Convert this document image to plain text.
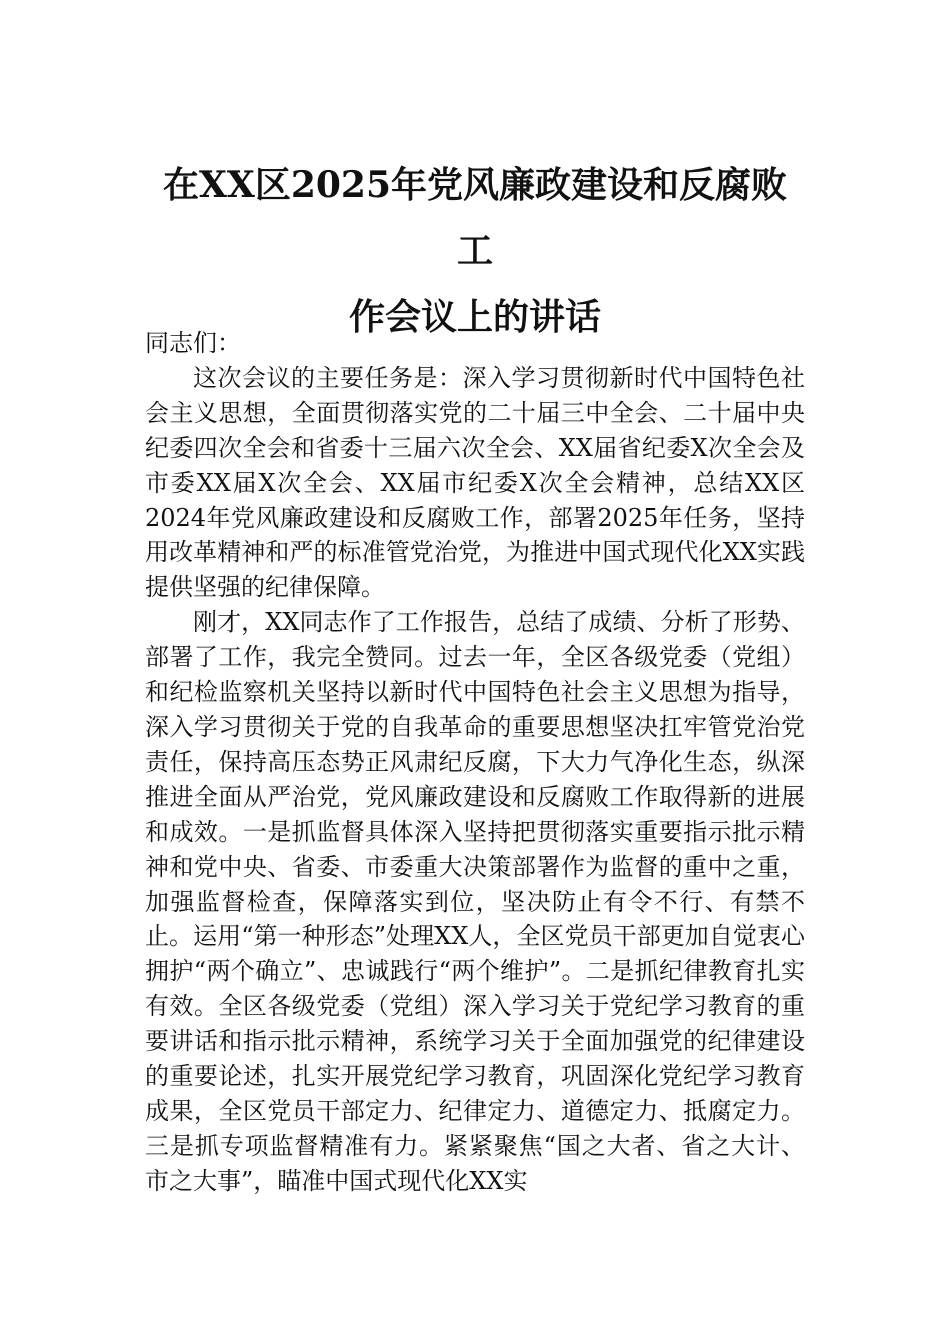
在XX区2025年党风廉政建设和反腐败工
作会议上的讲话

同志们：

这次会议的主要任务是：深入学习贯彻新时代中国特色社会主义思想，全面贯彻落实党的二十届三中全会、二十届中央纪委四次全会和省委十三届六次全会、XX届省纪委X次全会及市委XX届X次全会、XX届市纪委X次全会精神，总结XX区2024年党风廉政建设和反腐败工作，部署2025年任务，坚持用改革精神和严的标准管党治党，为推进中国式现代化XX实践提供坚强的纪律保障。

刚才，XX同志作了工作报告，总结了成绩、分析了形势、部署了工作，我完全赞同。过去一年，全区各级党委（党组）和纪检监察机关坚持以新时代中国特色社会主义思想为指导，深入学习贯彻关于党的自我革命的重要思想坚决扛牢管党治党责任，保持高压态势正风肃纪反腐，下大力气净化生态，纵深推进全面从严治党，党风廉政建设和反腐败工作取得新的进展和成效。一是抓监督具体深入坚持把贯彻落实重要指示批示精神和党中央、省委、市委重大决策部署作为监督的重中之重，加强监督检查，保障落实到位，坚决防止有令不行、有禁不止。运用“第一种形态”处理XX人，全区党员干部更加自觉衷心拥护“两个确立”、忠诚践行“两个维护”。二是抓纪律教育扎实有效。全区各级党委（党组）深入学习关于党纪学习教育的重要讲话和指示批示精神，系统学习关于全面加强党的纪律建设的重要论述，扎实开展党纪学习教育，巩固深化党纪学习教育成果，全区党员干部定力、纪律定力、道德定力、抵腐定力。三是抓专项监督精准有力。紧紧聚焦“国之大者、省之大计、市之大事”，瞄准中国式现代化XX实
